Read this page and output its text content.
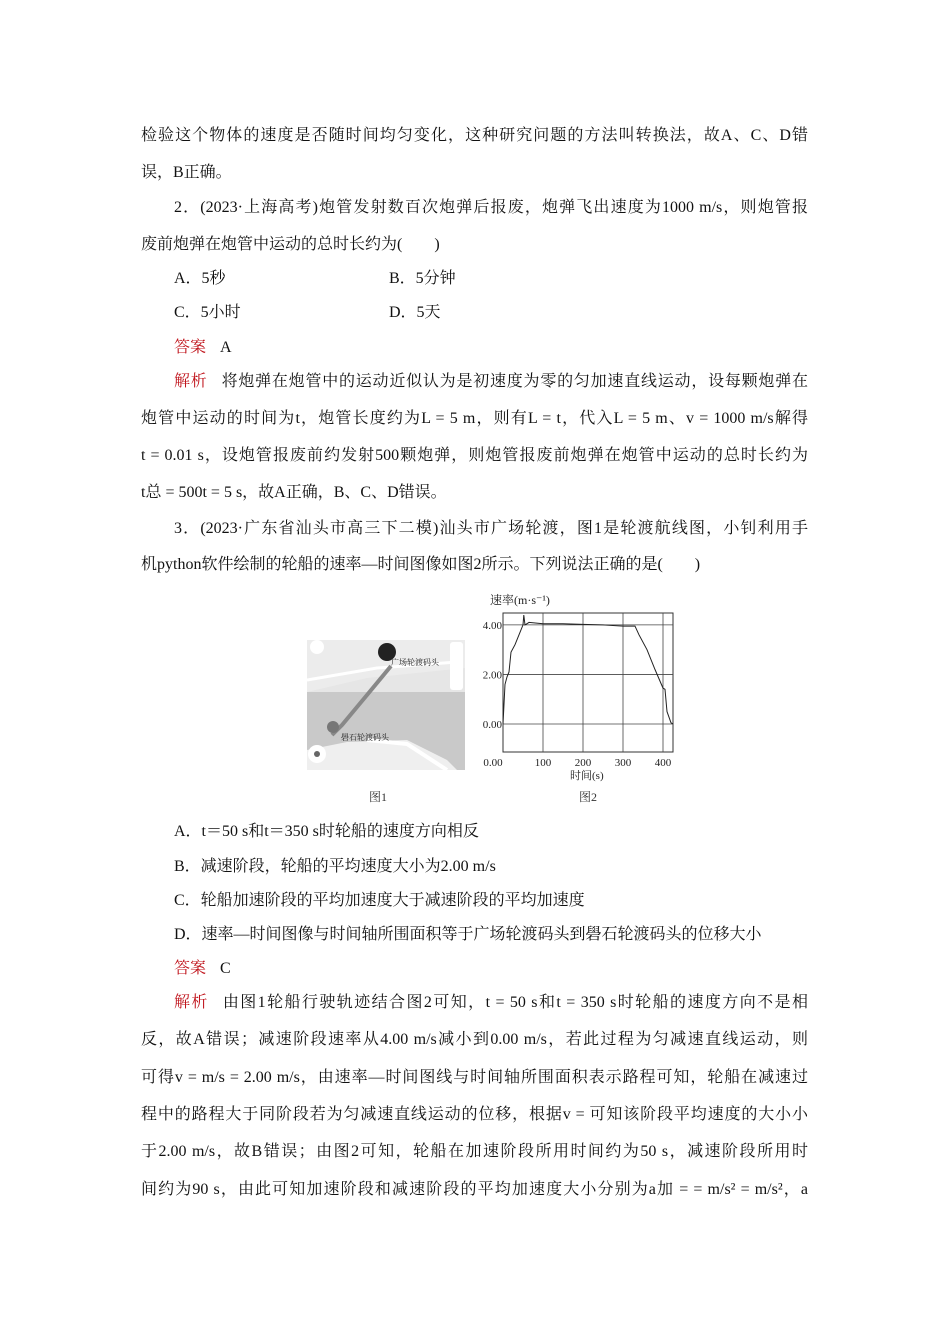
检验这个物体的速度是否随时间均匀变化，这种研究问题的方法叫转换法，故A、C、D错
误，B正确。
2．(2023·上海高考)炮管发射数百次炮弹后报废，炮弹飞出速度为1000 m/s，则炮管报
废前炮弹在炮管中运动的总时长约为(　　)
A．5秒	B．5分钟
C．5小时	D．5天
答案 A
解析 将炮弹在炮管中的运动近似认为是初速度为零的匀加速直线运动，设每颗炮弹在
炮管中运动的时间为t，炮管长度约为L = 5 m，则有L = t，代入L = 5 m、v = 1000 m/s解得
t = 0.01 s，设炮管报废前约发射500颗炮弹，则炮管报废前炮弹在炮管中运动的总时长约为
t总 = 500t = 5 s，故A正确，B、C、D错误。
3．(2023·广东省汕头市高三下二模)汕头市广场轮渡，图1是轮渡航线图，小钊利用手
机python软件绘制的轮船的速率—时间图像如图2所示。下列说法正确的是(　　)
广场轮渡码头
礐石轮渡码头
图1
速率(m·s⁻¹)
0.00	100 200 300 400
4.00
2.00
0.00
时间(s)
图2
A．t＝50 s和t＝350 s时轮船的速度方向相反
B．减速阶段，轮船的平均速度大小为2.00 m/s
C．轮船加速阶段的平均加速度大于减速阶段的平均加速度
D．速率—时间图像与时间轴所围面积等于广场轮渡码头到礐石轮渡码头的位移大小
答案 C
解析 由图1轮船行驶轨迹结合图2可知，t = 50 s和t = 350 s时轮船的速度方向不是相
反，故A错误；减速阶段速率从4.00 m/s减小到0.00 m/s，若此过程为匀减速直线运动，则
可得v = m/s = 2.00 m/s，由速率—时间图线与时间轴所围面积表示路程可知，轮船在减速过
程中的路程大于同阶段若为匀减速直线运动的位移，根据v = 可知该阶段平均速度的大小小
于2.00 m/s，故B错误；由图2可知，轮船在加速阶段所用时间约为50 s，减速阶段所用时
间约为90 s，由此可知加速阶段和减速阶段的平均加速度大小分别为a加 = = m/s² = m/s²，a
